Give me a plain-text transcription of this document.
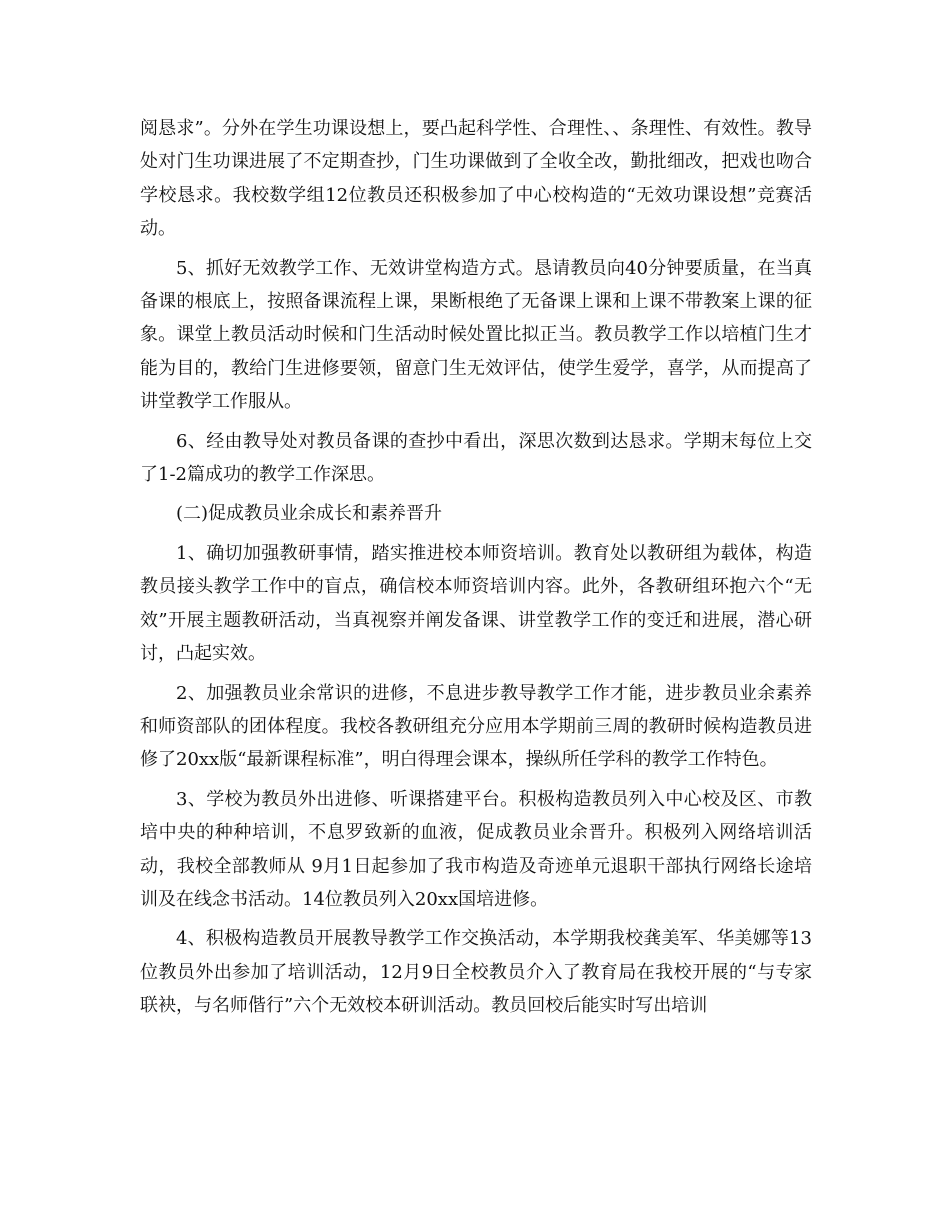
阅恳求”。分外在学生功课设想上，要凸起科学性、合理性、、条理性、有效性。教导处对门生功课进展了不定期查抄，门生功课做到了全收全改，勤批细改，把戏也吻合学校恳求。我校数学组12位教员还积极参加了中心校构造的“无效功课设想”竞赛活动。

5、抓好无效教学工作、无效讲堂构造方式。恳请教员向40分钟要质量，在当真备课的根底上，按照备课流程上课，果断根绝了无备课上课和上课不带教案上课的征象。课堂上教员活动时候和门生活动时候处置比拟正当。教员教学工作以培植门生才能为目的，教给门生进修要领，留意门生无效评估，使学生爱学，喜学，从而提高了讲堂教学工作服从。

6、经由教导处对教员备课的查抄中看出，深思次数到达恳求。学期末每位上交了1-2篇成功的教学工作深思。

(二)促成教员业余成长和素养晋升

1、确切加强教研事情，踏实推进校本师资培训。教育处以教研组为载体，构造教员接头教学工作中的盲点，确信校本师资培训内容。此外，各教研组环抱六个“无效”开展主题教研活动，当真视察并阐发备课、讲堂教学工作的变迁和进展，潜心研讨，凸起实效。

2、加强教员业余常识的进修，不息进步教导教学工作才能，进步教员业余素养和师资部队的团体程度。我校各教研组充分应用本学期前三周的教研时候构造教员进修了20xx版“最新课程标准”，明白得理会课本，操纵所任学科的教学工作特色。

3、学校为教员外出进修、听课搭建平台。积极构造教员列入中心校及区、市教培中央的种种培训，不息罗致新的血液，促成教员业余晋升。积极列入网络培训活动，我校全部教师从 9月1日起参加了我市构造及奇迹单元退职干部执行网络长途培训及在线念书活动。14位教员列入20xx国培进修。

4、积极构造教员开展教导教学工作交换活动，本学期我校龚美军、华美娜等13位教员外出参加了培训活动，12月9日全校教员介入了教育局在我校开展的“与专家联袂，与名师偕行”六个无效校本研训活动。教员回校后能实时写出培训
